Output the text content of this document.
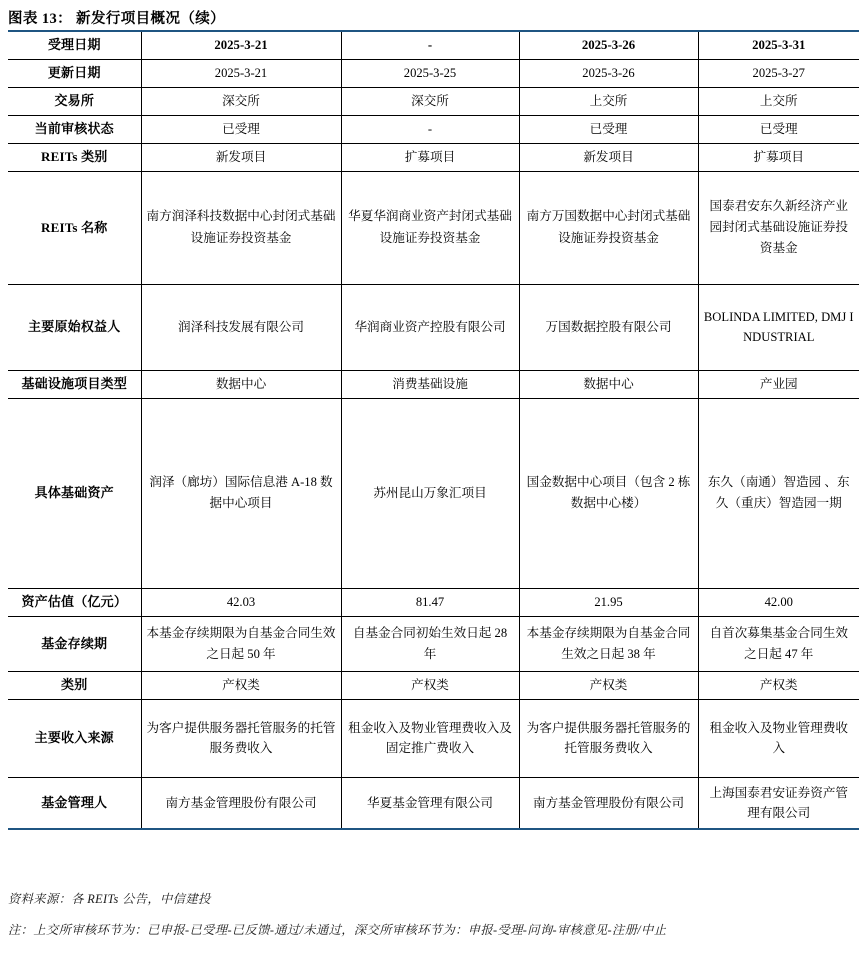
图表 13： 新发行项目概况（续）
受理日期	2025-3-21	-	2025-3-26	2025-3-31

更新日期	2025-3-21	2025-3-25	2025-3-26	2025-3-27

交易所	深交所	深交所	上交所	上交所

当前审核状态	已受理	-	已受理	已受理

REITs 类别	新发项目	扩募项目	新发项目	扩募项目

REITs 名称	南方润泽科技数据中心封闭式基础设施证券投资基金	华夏华润商业资产封闭式基础设施证券投资基金	南方万国数据中心封闭式基础设施证券投资基金	国泰君安东久新经济产业园封闭式基础设施证券投资基金

主要原始权益人	润泽科技发展有限公司	华润商业资产控股有限公司	万国数据控股有限公司	BOLINDA LIMITED, DMJ INDUSTRIAL

基础设施项目类型	数据中心	消费基础设施	数据中心	产业园

具体基础资产	润泽（廊坊）国际信息港 A-18 数据中心项目	苏州昆山万象汇项目	国金数据中心项目（包含 2 栋数据中心楼）	东久（南通）智造园 、东久（重庆）智造园一期

资产估值（亿元）	42.03	81.47	21.95	42.00

基金存续期	本基金存续期限为自基金合同生效之日起 50 年	自基金合同初始生效日起 28 年	本基金存续期限为自基金合同生效之日起 38 年	自首次募集基金合同生效之日起 47 年

类别	产权类	产权类	产权类	产权类

主要收入来源	为客户提供服务器托管服务的托管服务费收入	租金收入及物业管理费收入及固定推广费收入	为客户提供服务器托管服务的托管服务费收入	租金收入及物业管理费收入

基金管理人	南方基金管理股份有限公司	华夏基金管理有限公司	南方基金管理股份有限公司	上海国泰君安证券资产管理有限公司
资料来源：各 REITs 公告，中信建投
注：上交所审核环节为：已申报-已受理-已反馈-通过/未通过，深交所审核环节为：申报-受理-问询-审核意见-注册/中止
